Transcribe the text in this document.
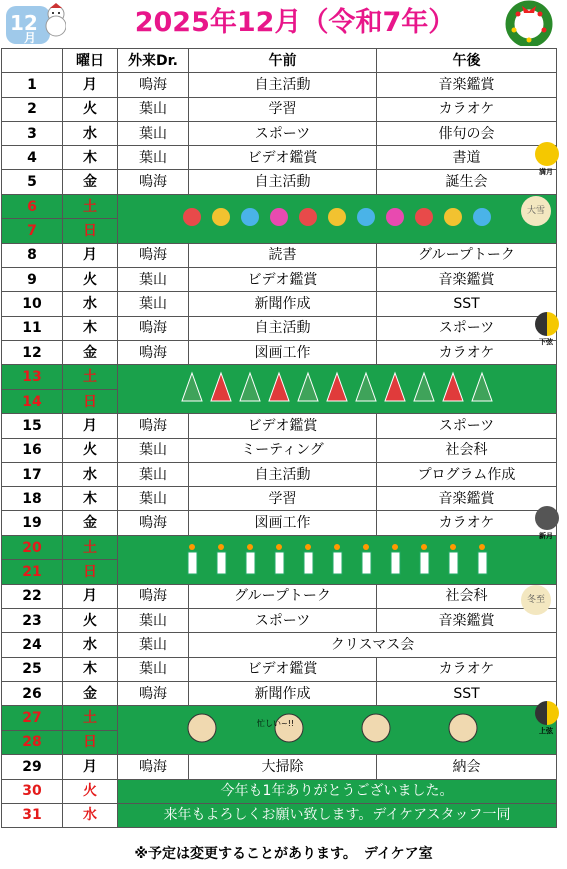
12
月	2025年12月（令和7年）
	曜日	外来Dr.	午前	午後
1	月	鳴海	自主活動	音楽鑑賞
2	火	葉山	学習	カラオケ
3	水	葉山	スポーツ	俳句の会
4	木	葉山	ビデオ鑑賞	書道
5	金	鳴海	自主活動	誕生会
6	土	
7	日			
8	月	鳴海	読書	グループトーク
9	火	葉山	ビデオ鑑賞	音楽鑑賞
10	水	葉山	新聞作成	SST
11	木	鳴海	自主活動	スポーツ
12	金	鳴海	図画工作	カラオケ
13	土	
14	日			
15	月	鳴海	ビデオ鑑賞	スポーツ
16	火	葉山	ミーティング	社会科
17	水	葉山	自主活動	プログラム作成
18	木	葉山	学習	音楽鑑賞
19	金	鳴海	図画工作	カラオケ
20	土	
21	日			
22	月	鳴海	グループトーク	社会科
23	火	葉山	スポーツ	音楽鑑賞
24	水	葉山	クリスマス会	
25	木	葉山	ビデオ鑑賞	カラオケ
26	金	鳴海	新聞作成	SST
27	土	忙しい~!!		

28	日			
29	月	鳴海	大掃除	納会
30	火	今年も1年ありがとうございました。		
31	水	来年もよろしくお願い致します。デイケアスタッフ一同		
※予定は変更することがあります。　デイケア室
満月
下弦
新月
上弦
大雪
冬至
